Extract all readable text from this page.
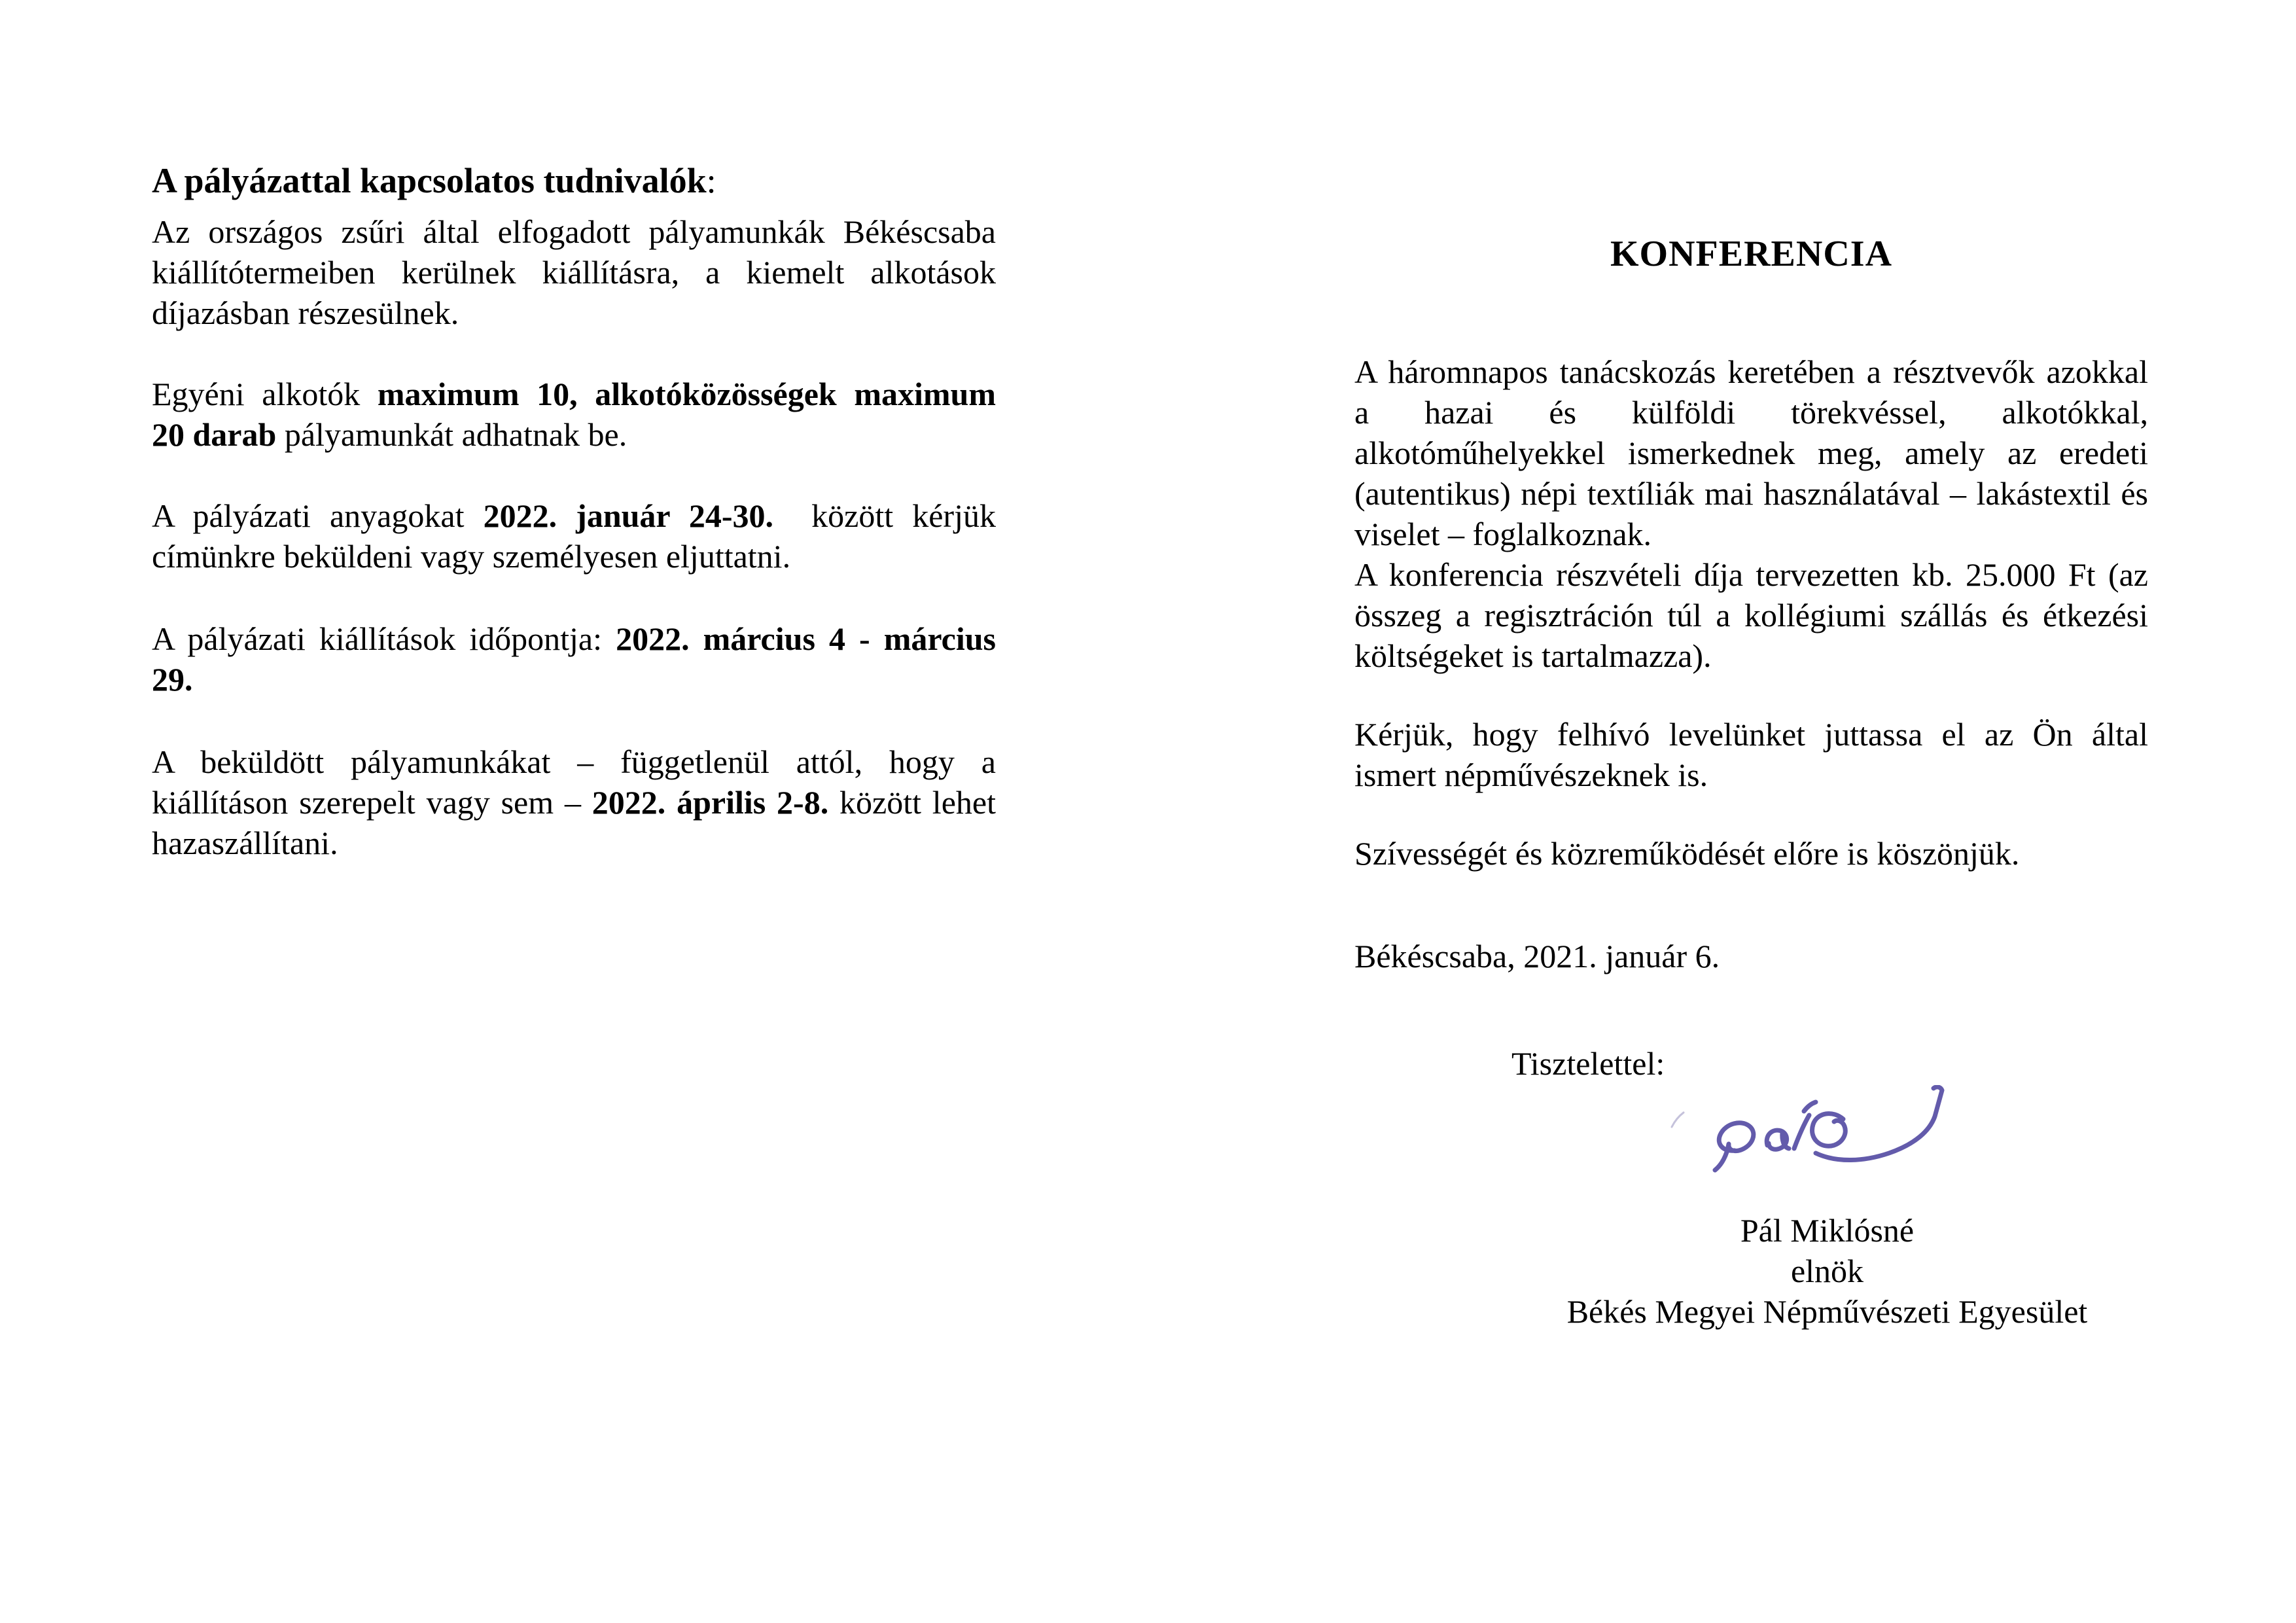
A pályázattal kapcsolatos tudnivalók:
Az országos zsűri által elfogadott pályamunkák Békéscsaba
kiállítótermeiben kerülnek kiállításra, a kiemelt alkotások
díjazásban részesülnek.
Egyéni alkotók maximum 10, alkotóközösségek maximum
20 darab pályamunkát adhatnak be.
A pályázati anyagokat 2022. január 24-30.  között kérjük
címünkre beküldeni vagy személyesen eljuttatni.
A pályázati kiállítások időpontja: 2022. március 4 - március
29.
A beküldött pályamunkákat – függetlenül attól, hogy a
kiállításon szerepelt vagy sem – 2022. április 2-8. között lehet
hazaszállítani.
KONFERENCIA
A háromnapos tanácskozás keretében a résztvevők azokkal
a hazai és külföldi törekvéssel, alkotókkal,
alkotóműhelyekkel ismerkednek meg, amely az eredeti
(autentikus) népi textíliák mai használatával – lakástextil és
viselet – foglalkoznak.
A konferencia részvételi díja tervezetten kb. 25.000 Ft (az
összeg a regisztráción túl a kollégiumi szállás és étkezési
költségeket is tartalmazza).
Kérjük, hogy felhívó levelünket juttassa el az Ön által
ismert népművészeknek is.
Szívességét és közreműködését előre is köszönjük.
Békéscsaba, 2021. január 6.
Tisztelettel:
Pál Miklósné
elnök
Békés Megyei Népművészeti Egyesület
